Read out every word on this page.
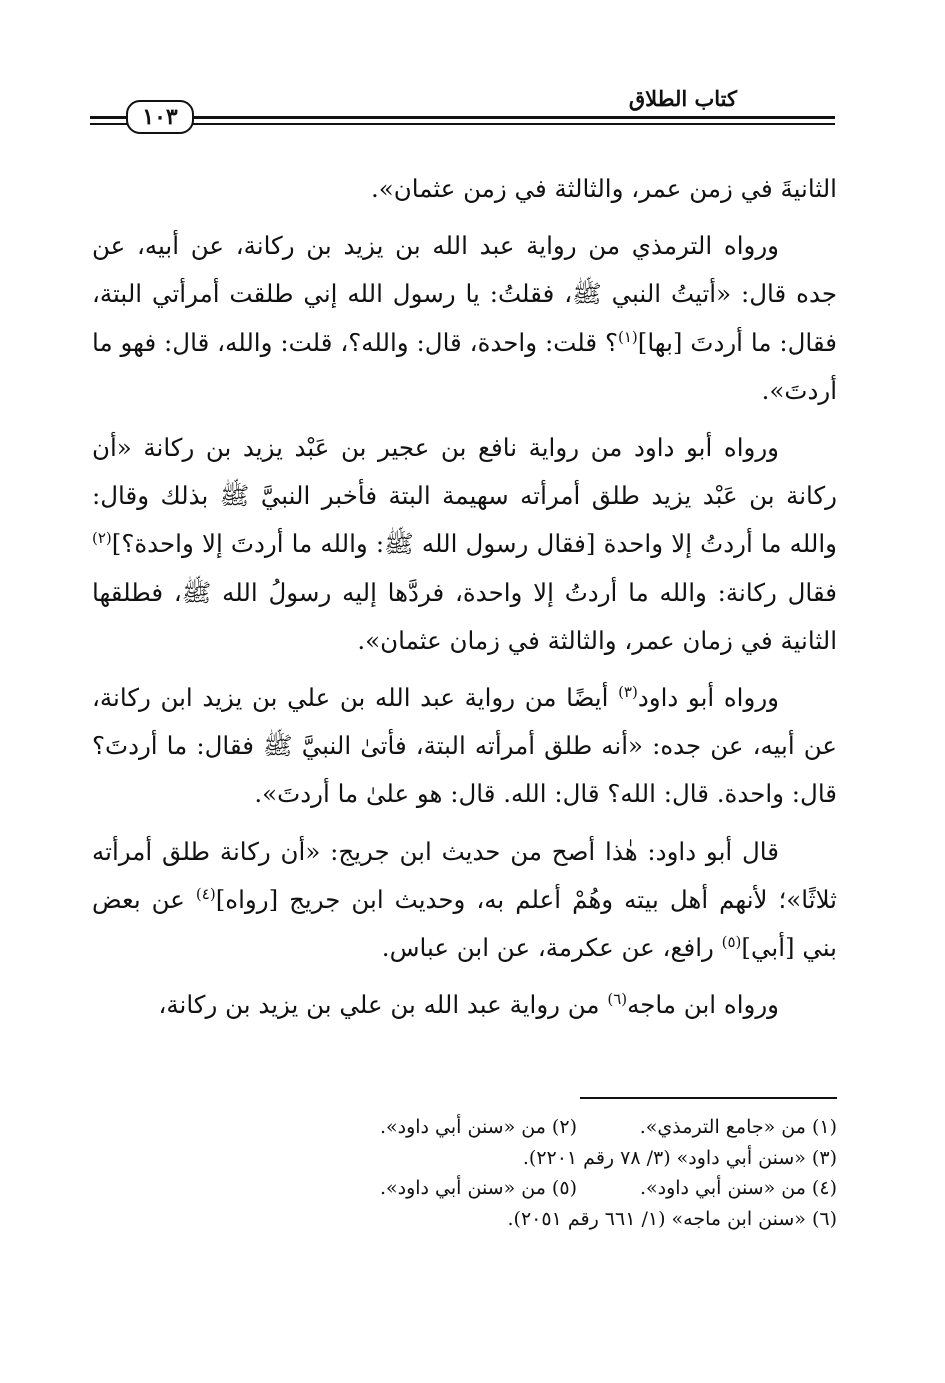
١٠٣
كتاب الطلاق

الثانيةَ في زمن عمر، والثالثة في زمن عثمان».

ورواه الترمذي من رواية عبد الله بن يزيد بن ركانة، عن أبيه، عن جده قال: «أتيتُ النبي ﷺ، فقلتُ: يا رسول الله إني طلقت أمرأتي البتة، فقال: ما أردتَ [بها]$^{(١)}$؟ قلت: واحدة، قال: والله؟، قلت: والله، قال: فهو ما أردتَ».

ورواه أبو داود من رواية نافع بن عجير بن عَبْد يزيد بن ركانة «أن ركانة بن عَبْد يزيد طلق أمرأته سهيمة البتة فأخبر النبيَّ ﷺ بذلك وقال: والله ما أردتُ إلا واحدة [فقال رسول الله ﷺ: والله ما أردتَ إلا واحدة؟]$^{(٢)}$ فقال ركانة: والله ما أردتُ إلا واحدة، فردَّها إليه رسولُ الله ﷺ، فطلقها الثانية في زمان عمر، والثالثة في زمان عثمان».

ورواه أبو داود$^{(٣)}$ أيضًا من رواية عبد الله بن علي بن يزيد ابن ركانة، عن أبيه، عن جده: «أنه طلق أمرأته البتة، فأتىٰ النبيَّ ﷺ فقال: ما أردتَ؟ قال: واحدة. قال: الله؟ قال: الله. قال: هو علىٰ ما أردتَ».

قال أبو داود: هٰذا أصح من حديث ابن جريج: «أن ركانة طلق أمرأته ثلاثًا»؛ لأنهم أهل بيته وهُمْ أعلم به، وحديث ابن جريج [رواه]$^{(٤)}$ عن بعض بني [أبي]$^{(٥)}$ رافع، عن عكرمة، عن ابن عباس.

ورواه ابن ماجه$^{(٦)}$ من رواية عبد الله بن علي بن يزيد بن ركانة،

(١) من «جامع الترمذي».
(٢) من «سنن أبي داود».
(٣) «سنن أبي داود» (٣/ ٧٨ رقم ٢٢٠١).
(٤) من «سنن أبي داود».
(٥) من «سنن أبي داود».
(٦) «سنن ابن ماجه» (١/ ٦٦١ رقم ٢٠٥١).
